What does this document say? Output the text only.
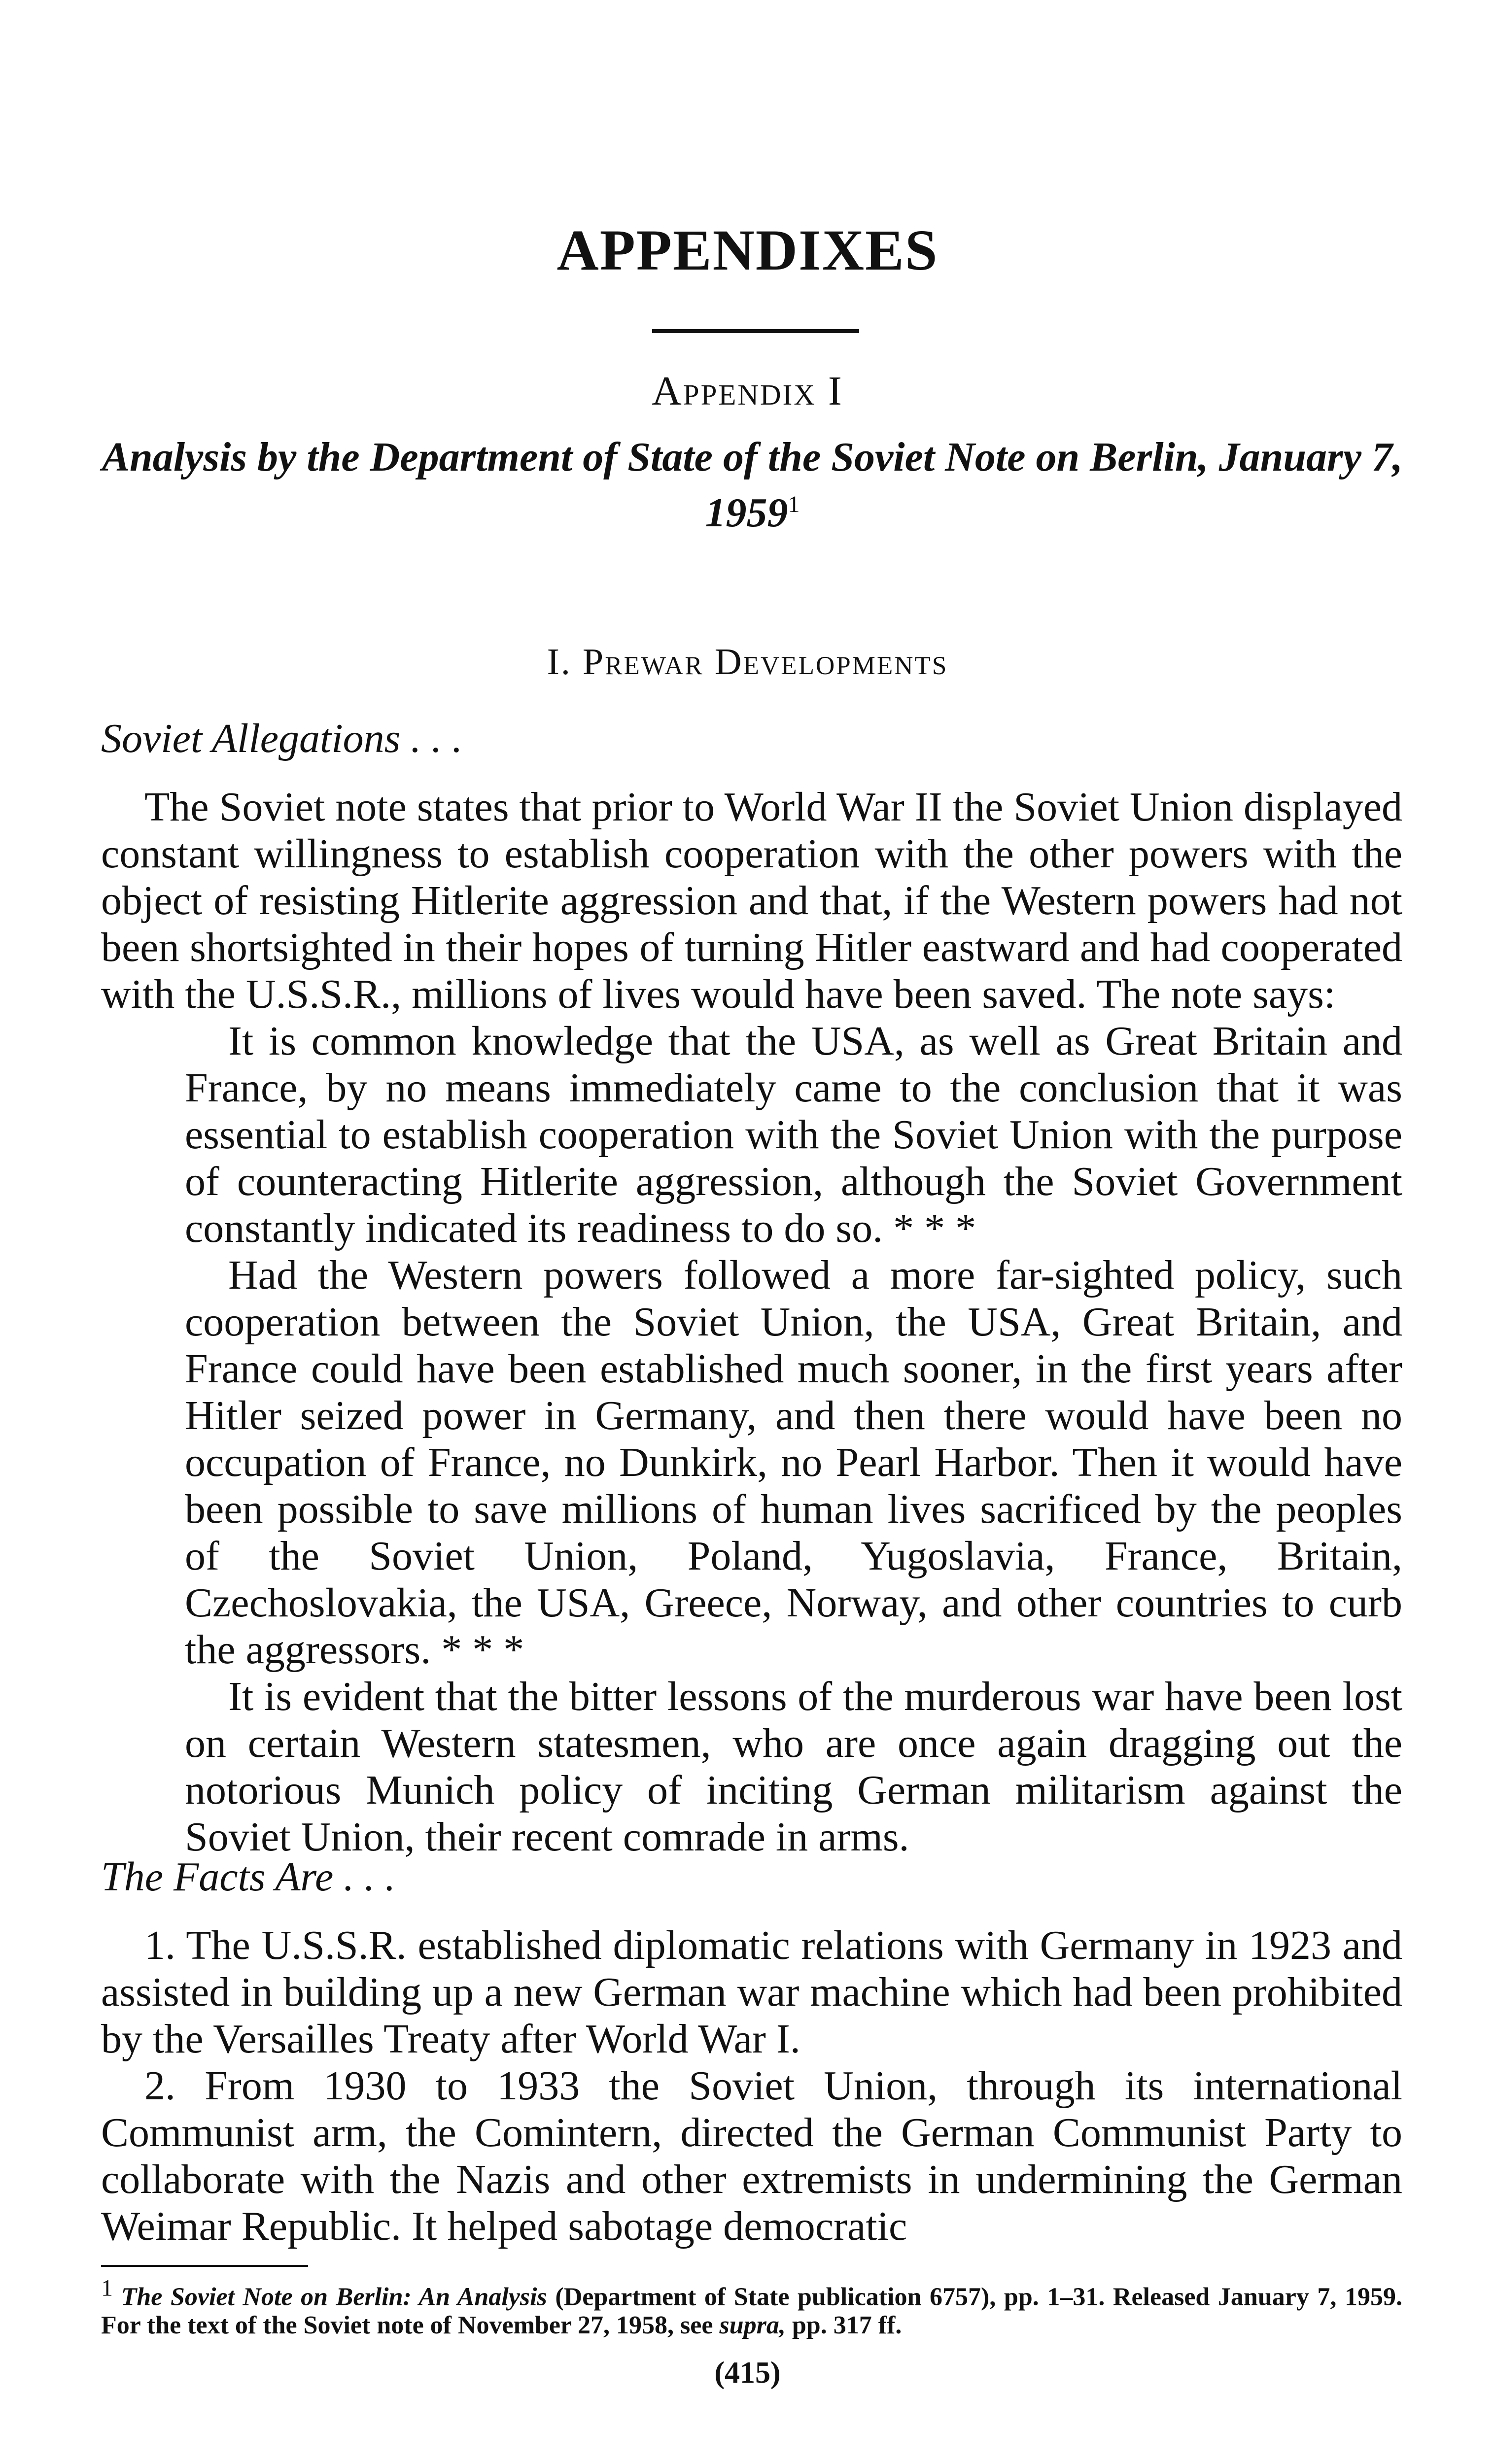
APPENDIXES
Appendix I
Analysis by the Department of State of the Soviet Note on Berlin, January 7, 1959$^1$
I. Prewar Developments
Soviet Allegations . . .

The Soviet note states that prior to World War II the Soviet Union displayed constant willingness to establish cooperation with the other powers with the object of resisting Hitlerite aggression and that, if the Western powers had not been shortsighted in their hopes of turning Hitler eastward and had cooperated with the U.S.S.R., millions of lives would have been saved. The note says:

It is common knowledge that the USA, as well as Great Britain and France, by no means immediately came to the conclusion that it was essential to establish cooperation with the Soviet Union with the purpose of counteracting Hitlerite aggression, although the Soviet Government constantly indicated its readiness to do so. * * *

Had the Western powers followed a more far-sighted policy, such cooperation between the Soviet Union, the USA, Great Britain, and France could have been established much sooner, in the first years after Hitler seized power in Germany, and then there would have been no occupation of France, no Dunkirk, no Pearl Harbor. Then it would have been possible to save millions of human lives sacrificed by the peoples of the Soviet Union, Poland, Yugoslavia, France, Britain, Czechoslovakia, the USA, Greece, Norway, and other countries to curb the aggressors. * * *

It is evident that the bitter lessons of the murderous war have been lost on certain Western statesmen, who are once again dragging out the notorious Munich policy of inciting German militarism against the Soviet Union, their recent comrade in arms.

The Facts Are . . .

1. The U.S.S.R. established diplomatic relations with Germany in 1923 and assisted in building up a new German war machine which had been prohibited by the Versailles Treaty after World War I.

2. From 1930 to 1933 the Soviet Union, through its international Communist arm, the Comintern, directed the German Communist Party to collaborate with the Nazis and other extremists in undermining the German Weimar Republic. It helped sabotage democratic

$^1$ The Soviet Note on Berlin: An Analysis (Department of State publication 6757), pp. 1–31. Released January 7, 1959. For the text of the Soviet note of November 27, 1958, see supra, pp. 317 ff.
(415)
